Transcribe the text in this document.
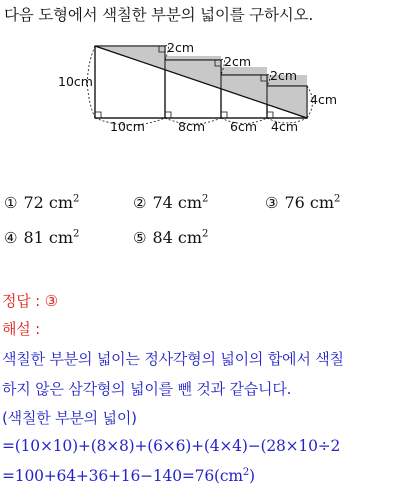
다음 도형에서 색칠한 부분의 넓이를 구하시오.
10cm
2cm
2cm
2cm
4cm
10cm	8cm 6cm 4cm
① 72 $cm^2$	② 74 $cm^2$	③ 76 $cm^2$
④ 81 $cm^2$	⑤ 84 $cm^2$
정답 : ③
해설 :
색칠한 부분의 넓이는 정사각형의 넓이의 합에서 색칠
하지 않은 삼각형의 넓이를 뺀 것과 같습니다.
(색칠한 부분의 넓이)
=(10×10)+(8×8)+(6×6)+(4×4)−(28×10÷2
$=100+64+36+16-140=76(cm^2)$
